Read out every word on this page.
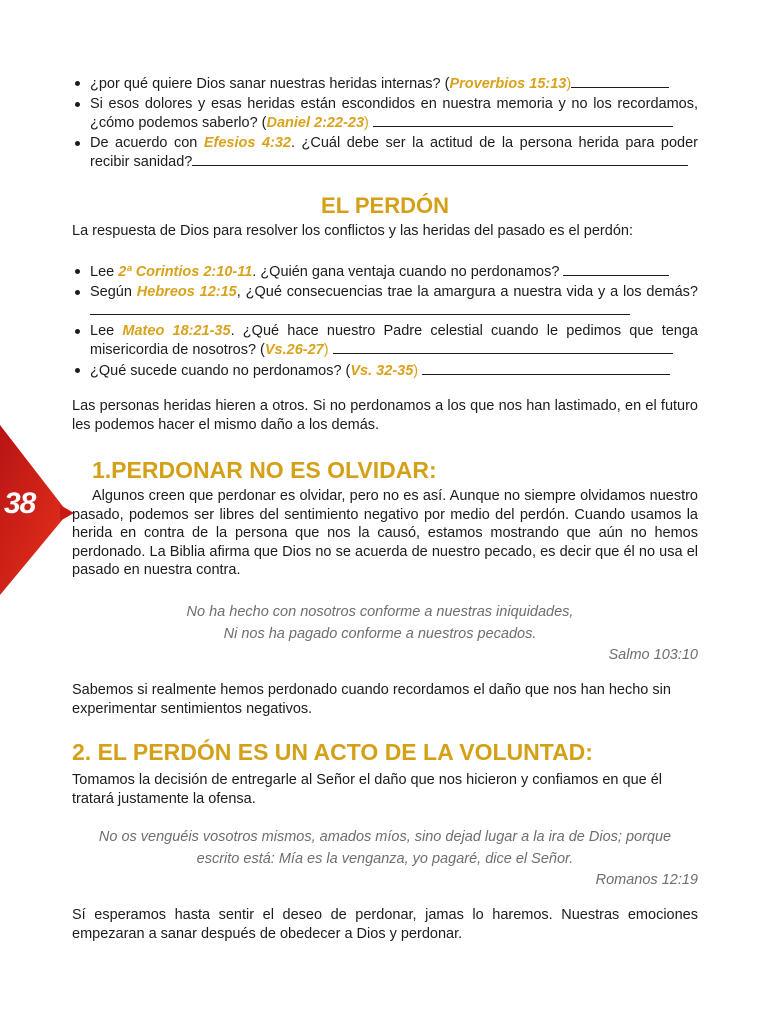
38
¿por qué quiere Dios sanar nuestras heridas internas? (Proverbios 15:13)
Si esos dolores y esas heridas están escondidos en nuestra memoria y no los recordamos, ¿cómo podemos saberlo? (Daniel 2:22-23)
De acuerdo con Efesios 4:32. ¿Cuál debe ser la actitud de la persona herida para poder recibir sanidad?
EL PERDÓN
La respuesta de Dios para resolver los conflictos y las heridas del pasado es el perdón:
Lee 2ª Corintios 2:10-11. ¿Quién gana ventaja cuando no perdonamos?
Según Hebreos 12:15, ¿Qué consecuencias trae la amargura a nuestra vida y a los demás?
Lee Mateo 18:21-35. ¿Qué hace nuestro Padre celestial cuando le pedimos que tenga misericordia de nosotros? (Vs.26-27)
¿Qué sucede cuando no perdonamos? (Vs. 32-35)

Las personas heridas hieren a otros. Si no perdonamos a los que nos han lastimado, en el futuro les podemos hacer el mismo daño a los demás.

1.PERDONAR NO ES OLVIDAR:

Algunos creen que perdonar es olvidar, pero no es así. Aunque no siempre olvidamos nuestro pasado, podemos ser libres del sentimiento negativo por medio del perdón. Cuando usamos la herida en contra de la persona que nos la causó, estamos mostrando que aún no hemos perdonado. La Biblia afirma que Dios no se acuerda de nuestro pecado, es decir que él no usa el pasado en nuestra contra.

No ha hecho con nosotros conforme a nuestras iniquidades,
Ni nos ha pagado conforme a nuestros pecados.
Salmo 103:10

Sabemos si realmente hemos perdonado cuando recordamos el daño que nos han hecho sin experimentar sentimientos negativos.

2. EL PERDÓN ES UN ACTO DE LA VOLUNTAD:

Tomamos la decisión de entregarle al Señor el daño que nos hicieron y confiamos en que él tratará justamente la ofensa.

No os venguéis vosotros mismos, amados míos, sino dejad lugar a la ira de Dios; porque
escrito está: Mía es la venganza, yo pagaré, dice el Señor.
Romanos 12:19

Sí esperamos hasta sentir el deseo de perdonar, jamas lo haremos. Nuestras emociones empezaran a sanar después de obedecer a Dios y perdonar.
